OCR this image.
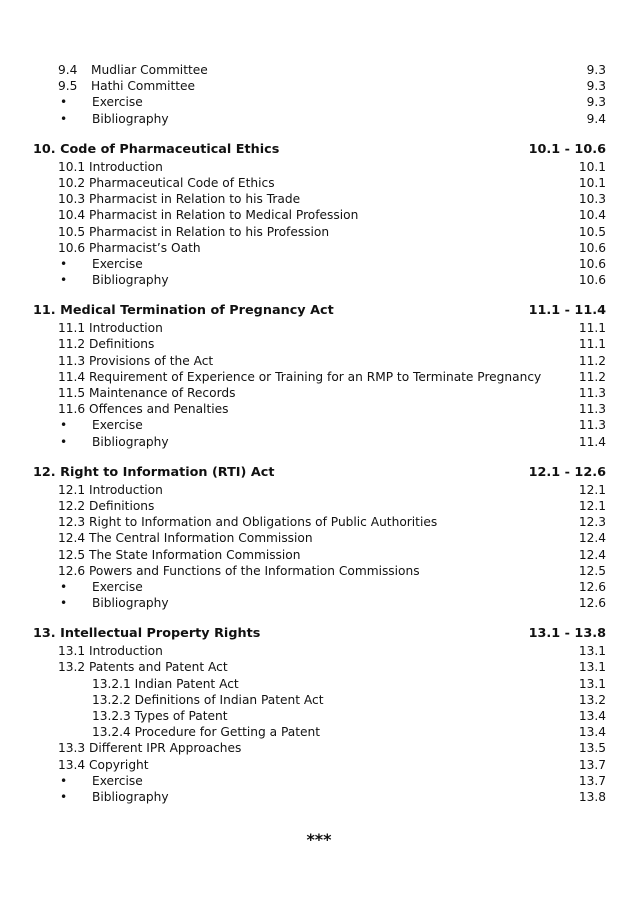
9.4 Mudliar Committee	9.3
9.5 Hathi Committee	9.3
• Exercise	9.3
• Bibliography	9.4
10. Code of Pharmaceutical Ethics	10.1 - 10.6
10.1 Introduction	10.1
10.2 Pharmaceutical Code of Ethics	10.1
10.3 Pharmacist in Relation to his Trade	10.3
10.4 Pharmacist in Relation to Medical Profession	10.4
10.5 Pharmacist in Relation to his Profession	10.5
10.6 Pharmacist’s Oath	10.6
• Exercise	10.6
• Bibliography	10.6
11. Medical Termination of Pregnancy Act	11.1 - 11.4
11.1 Introduction	11.1
11.2 Definitions	11.1
11.3 Provisions of the Act	11.2
11.4 Requirement of Experience or Training for an RMP to Terminate Pregnancy	11.2
11.5 Maintenance of Records	11.3
11.6 Offences and Penalties	11.3
• Exercise	11.3
• Bibliography	11.4
12. Right to Information (RTI) Act	12.1 - 12.6
12.1 Introduction	12.1
12.2 Definitions	12.1
12.3 Right to Information and Obligations of Public Authorities	12.3
12.4 The Central Information Commission	12.4
12.5 The State Information Commission	12.4
12.6 Powers and Functions of the Information Commissions	12.5
• Exercise	12.6
• Bibliography	12.6
13. Intellectual Property Rights	13.1 - 13.8
13.1 Introduction	13.1
13.2 Patents and Patent Act	13.1
13.2.1 Indian Patent Act	13.1
13.2.2 Definitions of Indian Patent Act	13.2
13.2.3 Types of Patent	13.4
13.2.4 Procedure for Getting a Patent	13.4
13.3 Different IPR Approaches	13.5
13.4 Copyright	13.7
• Exercise	13.7
• Bibliography	13.8
***
